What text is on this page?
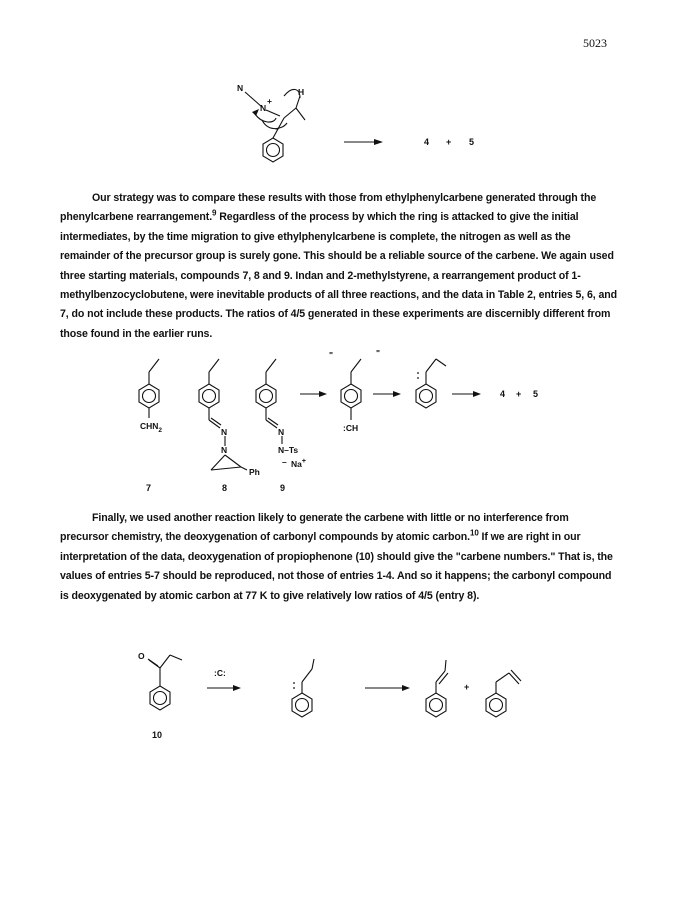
5023
N
N
+
-
H
4 + 5

Our strategy was to compare these results with those from ethylphenylcarbene generated through the phenylcarbene rearrangement.$^9$ Regardless of the process by which the ring is attacked to give the initial intermediates, by the time migration to give ethylphenylcarbene is complete, the nitrogen as well as the remainder of the precursor group is surely gone. This should be a reliable source of the carbene. We again used three starting materials, compounds 7, 8 and 9. Indan and 2-methylstyrene, a rearrangement product of 1-methylbenzocyclobutene, were inevitable products of all three reactions, and the data in Table 2, entries 5, 6, and 7, do not include these products. The ratios of 4/5 generated in these experiments are discernibly different from those found in the earlier runs.

$CHN_2$	N
N
Ph
N
N–Ts
– Na+
:CH
"	"
4 + 5
7	8	9

Finally, we used another reaction likely to generate the carbene with little or no interference from precursor chemistry, the deoxygenation of carbonyl compounds by atomic carbon.$^{10}$ If we are right in our interpretation of the data, deoxygenation of propiophenone (10) should give the "carbene numbers." That is, the values of entries 5-7 should be reproduced, not those of entries 1-4. And so it happens; the carbonyl compound is deoxygenated by atomic carbon at 77 K to give relatively low ratios of 4/5 (entry 8).

O
:C:
+
10
